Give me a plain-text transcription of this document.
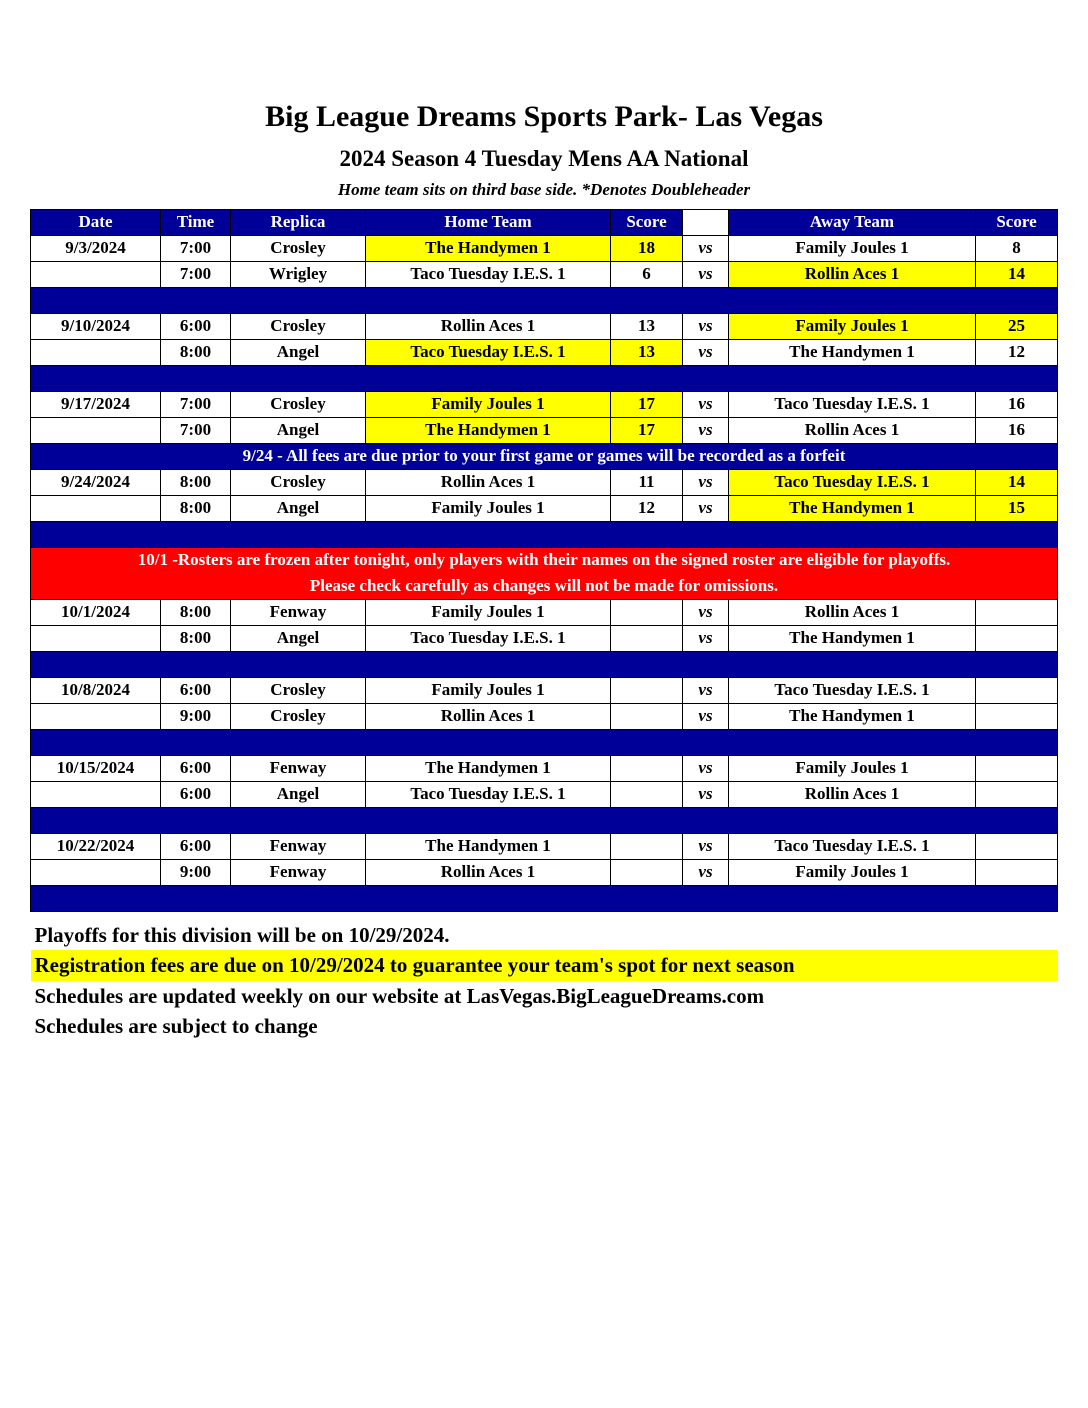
Big League Dreams Sports Park- Las Vegas
2024 Season 4 Tuesday Mens AA National
Home team sits on third base side. *Denotes Doubleheader
Date	Time	Replica	Home Team	Score		Away Team	Score
9/3/2024	7:00	Crosley	The Handymen 1	18	vs	Family Joules 1	8
	7:00	Wrigley	Taco Tuesday I.E.S. 1	6	vs	Rollin Aces 1	14

9/10/2024	6:00	Crosley	Rollin Aces 1	13	vs	Family Joules 1	25
	8:00	Angel	Taco Tuesday I.E.S. 1	13	vs	The Handymen 1	12

9/17/2024	7:00	Crosley	Family Joules 1	17	vs	Taco Tuesday I.E.S. 1	16
	7:00	Angel	The Handymen 1	17	vs	Rollin Aces 1	16
9/24 - All fees are due prior to your first game or games will be recorded as a forfeit							
9/24/2024	8:00	Crosley	Rollin Aces 1	11	vs	Taco Tuesday I.E.S. 1	14
	8:00	Angel	Family Joules 1	12	vs	The Handymen 1	15

10/1 -Rosters are frozen after tonight, only players with their names on the signed roster are eligible for playoffs.							
Please check carefully as changes will not be made for omissions.							
10/1/2024	8:00	Fenway	Family Joules 1		vs	Rollin Aces 1	
	8:00	Angel	Taco Tuesday I.E.S. 1		vs	The Handymen 1	

10/8/2024	6:00	Crosley	Family Joules 1		vs	Taco Tuesday I.E.S. 1	
	9:00	Crosley	Rollin Aces 1		vs	The Handymen 1	

10/15/2024	6:00	Fenway	The Handymen 1		vs	Family Joules 1	
	6:00	Angel	Taco Tuesday I.E.S. 1		vs	Rollin Aces 1	

10/22/2024	6:00	Fenway	The Handymen 1		vs	Taco Tuesday I.E.S. 1	
	9:00	Fenway	Rollin Aces 1		vs	Family Joules 1	

Playoffs for this division will be on 10/29/2024.
Registration fees are due on 10/29/2024 to guarantee your team's spot for next season
Schedules are updated weekly on our website at LasVegas.BigLeagueDreams.com
Schedules are subject to change
